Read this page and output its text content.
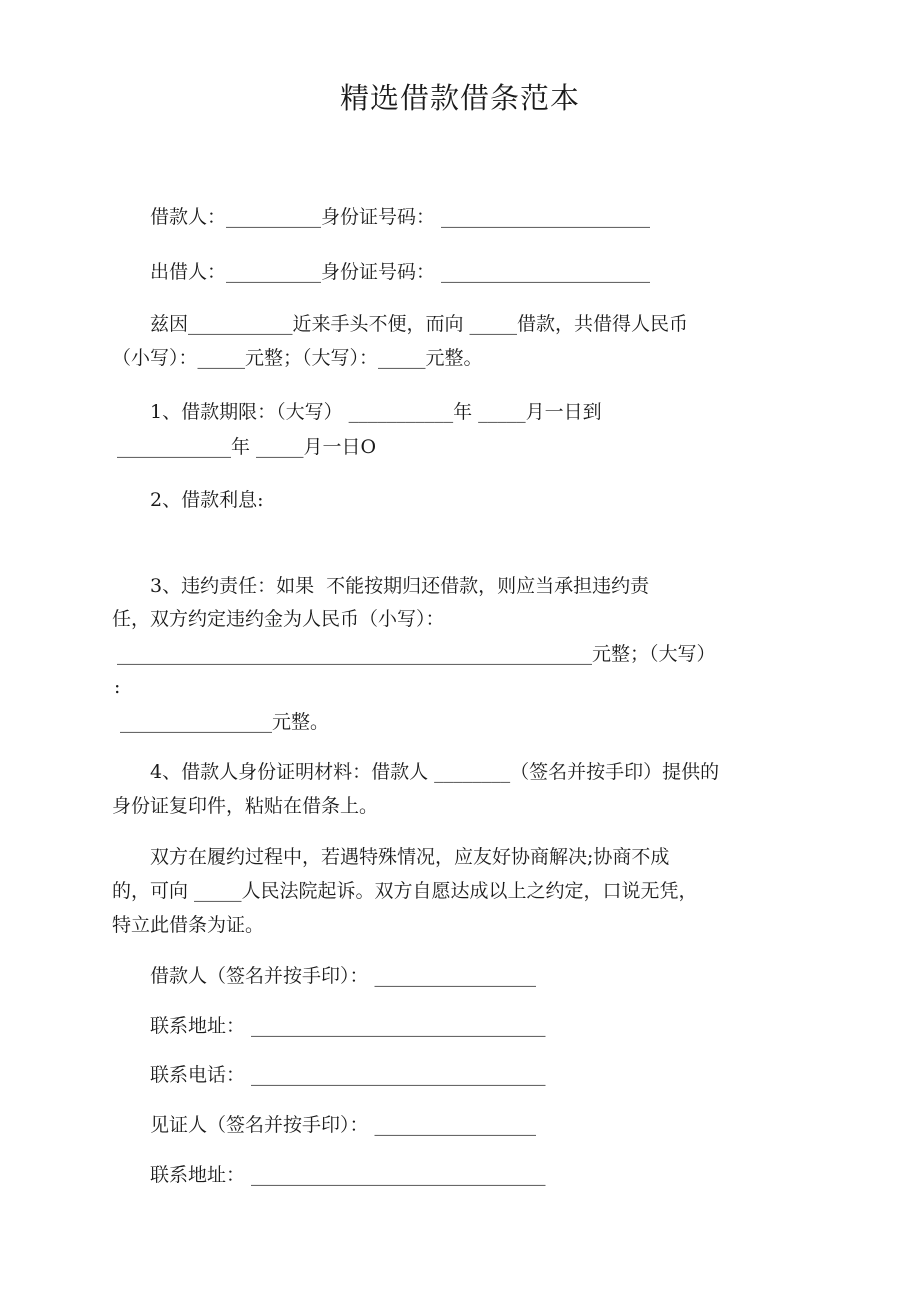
精选借款借条范本
借款人：__________身份证号码： ______________________
出借人：__________身份证号码： ______________________
兹因___________近来手头不便，而向 _____借款，共借得人民币
（小写）：_____元整；（大写）：_____元整。
1、借款期限：（大写） ___________年 _____月一日到
____________年 _____月一日O
2、借款利息:
3、违约责任：如果  不能按期归还借款，则应当承担违约责
任，双方约定违约金为人民币（小写）：
__________________________________________________元整；（大写）
:
________________元整。
4、借款人身份证明材料：借款人 ________（签名并按手印）提供的
身份证复印件，粘贴在借条上。
双方在履约过程中，若遇特殊情况，应友好协商解决;协商不成
的，可向 _____人民法院起诉。双方自愿达成以上之约定，口说无凭，
特立此借条为证。
借款人（签名并按手印）： _________________
联系地址： _______________________________
联系电话： _______________________________
见证人（签名并按手印）： _________________
联系地址： _______________________________
